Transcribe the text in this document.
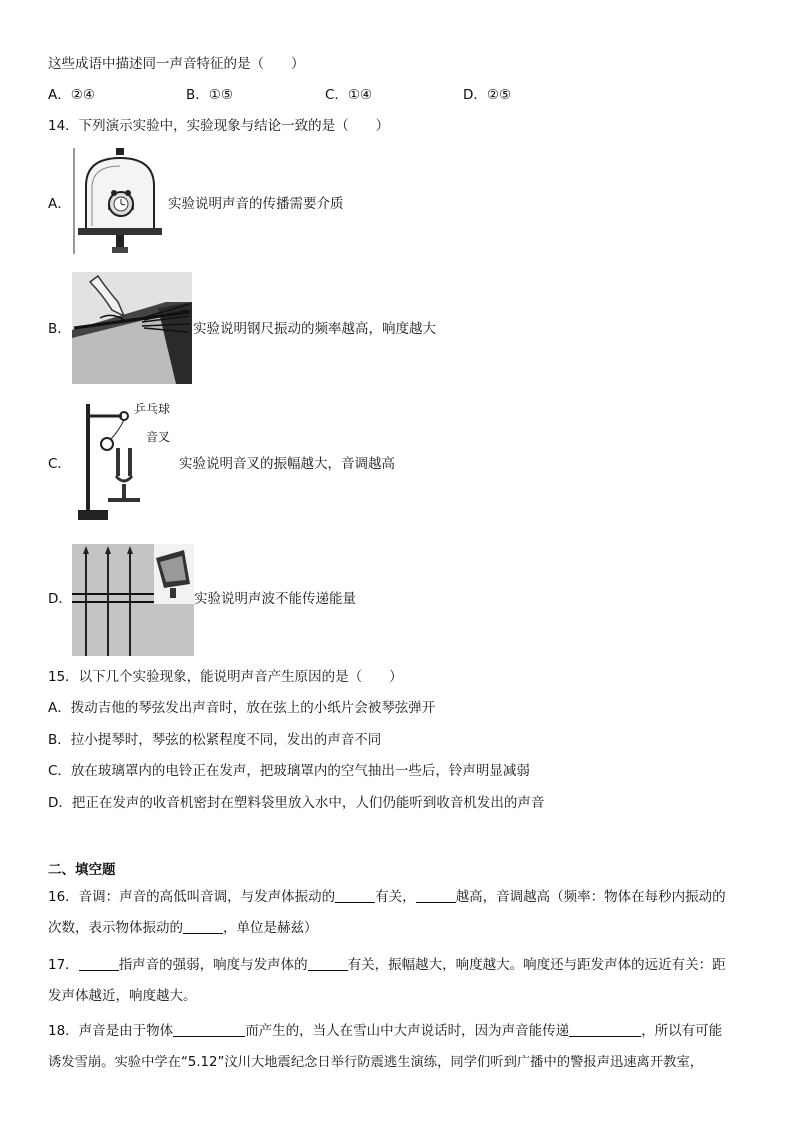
这些成语中描述同一声音特征的是（　　）
A．②④	B．①⑤	C．①④	D．②⑤
14．下列演示实验中，实验现象与结论一致的是（　　）
A．	实验说明声音的传播需要介质
B．	实验说明钢尺振动的频率越高，响度越大
C．
乒乓球
音叉
实验说明音叉的振幅越大，音调越高
D．	实验说明声波不能传递能量
15．以下几个实验现象，能说明声音产生原因的是（　　）
A．拨动吉他的琴弦发出声音时，放在弦上的小纸片会被琴弦弹开
B．拉小提琴时，琴弦的松紧程度不同，发出的声音不同
C．放在玻璃罩内的电铃正在发声，把玻璃罩内的空气抽出一些后，铃声明显减弱
D．把正在发声的收音机密封在塑料袋里放入水中，人们仍能听到收音机发出的声音
二、填空题
16．音调：声音的高低叫音调，与发声体振动的	有关，	越高，音调越高（频率：物体在每秒内振动的
次数，表示物体振动的	，单位是赫兹）
17．	指声音的强弱，响度与发声体的	有关，振幅越大，响度越大。响度还与距发声体的远近有关：距
发声体越近，响度越大。
18．声音是由于物体	而产生的，当人在雪山中大声说话时，因为声音能传递	，所以有可能
诱发雪崩。实验中学在“5.12”汶川大地震纪念日举行防震逃生演练，同学们听到广播中的警报声迅速离开教室，
